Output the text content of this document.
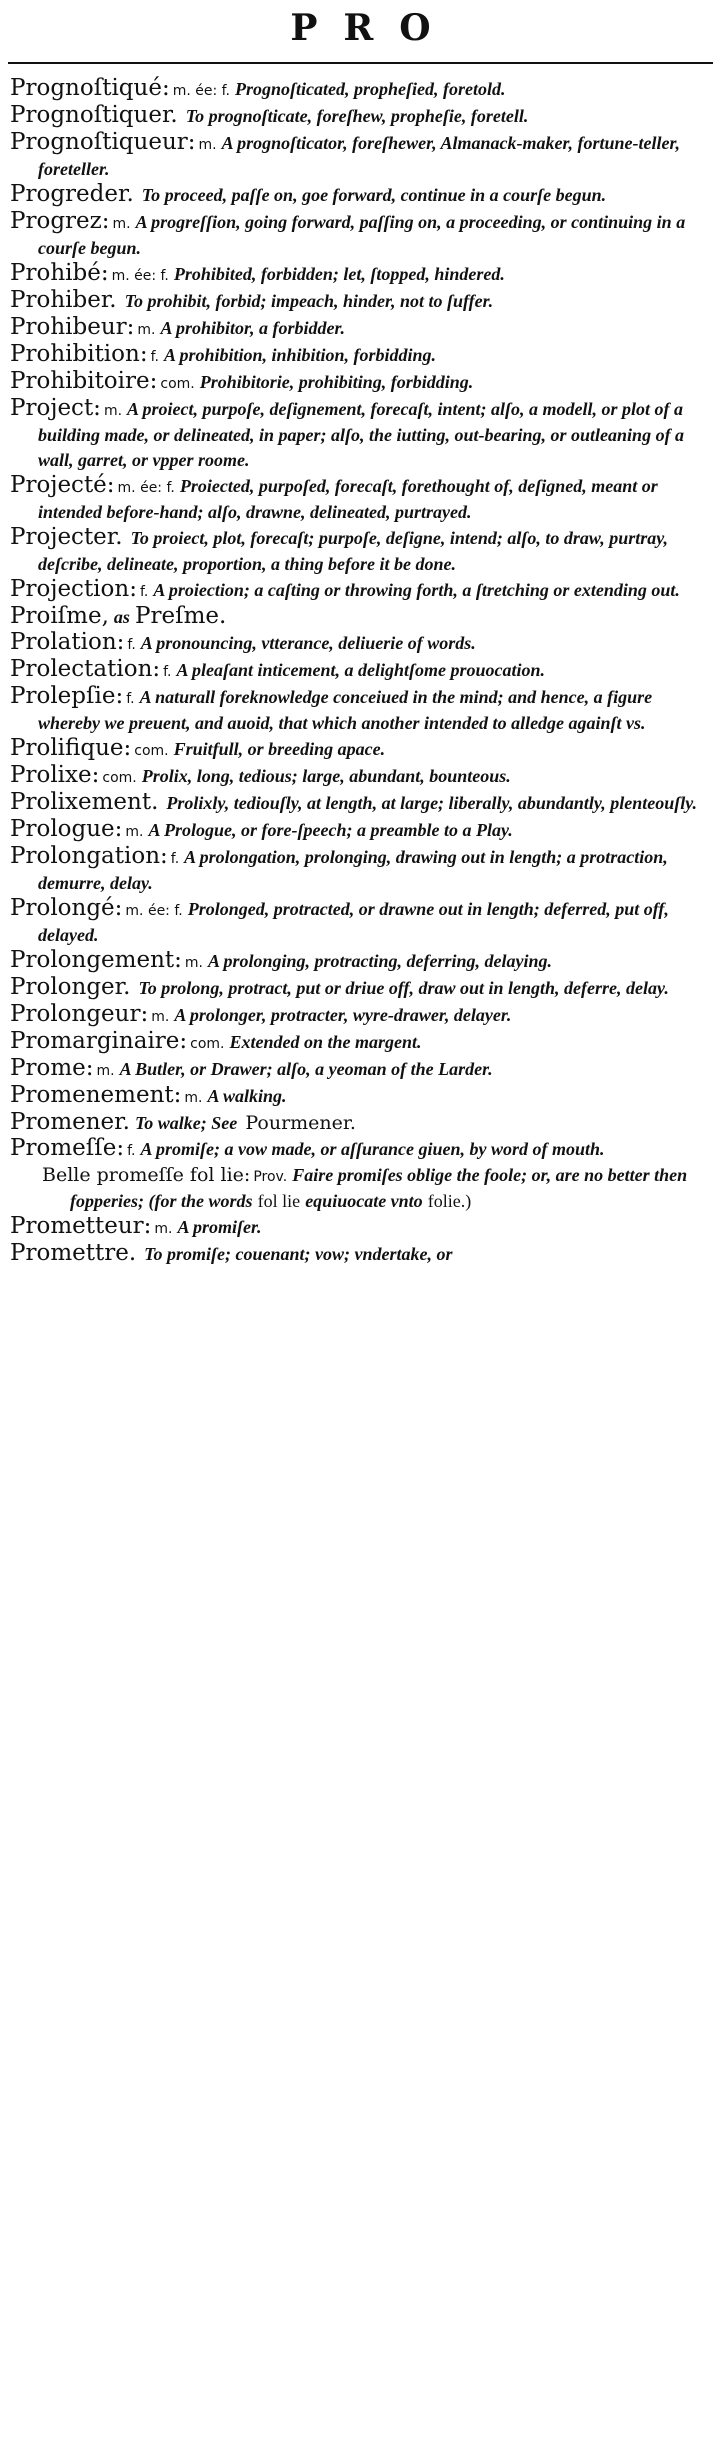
PRO

Prognoſtiqué: m. ée: f. Prognoſticated, propheſied, foretold.

Prognoſtiquer. To prognoſticate, foreſhew, propheſie, foretell.

Prognoſtiqueur: m. A prognoſticator, foreſhewer, Almanack-maker, fortune-teller, foreteller.

Progreder. To proceed, paſſe on, goe forward, continue in a courſe begun.

Progrez: m. A progreſſion, going forward, paſſing on, a proceeding, or continuing in a courſe begun.

Prohibé: m. ée: f. Prohibited, forbidden; let, ſtopped, hindered.

Prohiber. To prohibit, forbid; impeach, hinder, not to ſuffer.

Prohibeur: m. A prohibitor, a forbidder.

Prohibition: f. A prohibition, inhibition, forbidding.

Prohibitoire: com. Prohibitorie, prohibiting, forbidding.

Project: m. A proiect, purpoſe, deſignement, forecaſt, intent; alſo, a modell, or plot of a building made, or delineated, in paper; alſo, the iutting, out-bearing, or outleaning of a wall, garret, or vpper roome.

Projecté: m. ée: f. Proiected, purpoſed, forecaſt, forethought of, deſigned, meant or intended before-hand; alſo, drawne, delineated, purtrayed.

Projecter. To proiect, plot, forecaſt; purpoſe, deſigne, intend; alſo, to draw, purtray, deſcribe, delineate, proportion, a thing before it be done.

Projection: f. A proiection; a caſting or throwing forth, a ſtretching or extending out.

Proiſme, as Preſme.

Prolation: f. A pronouncing, vtterance, deliuerie of words.

Prolectation: f. A pleaſant inticement, a delightſome prouocation.

Prolepſie: f. A naturall foreknowledge conceiued in the mind; and hence, a figure whereby we preuent, and auoid, that which another intended to alledge againſt vs.

Prolifique: com. Fruitfull, or breeding apace.

Prolixe: com. Prolix, long, tedious; large, abundant, bounteous.

Prolixement. Prolixly, tediouſly, at length, at large; liberally, abundantly, plenteouſly.

Prologue: m. A Prologue, or fore-ſpeech; a preamble to a Play.

Prolongation: f. A prolongation, prolonging, drawing out in length; a protraction, demurre, delay.

Prolongé: m. ée: f. Prolonged, protracted, or drawne out in length; deferred, put off, delayed.

Prolongement: m. A prolonging, protracting, deferring, delaying.

Prolonger. To prolong, protract, put or driue off, draw out in length, deferre, delay.

Prolongeur: m. A prolonger, protracter, wyre-drawer, delayer.

Promarginaire: com. Extended on the margent.

Prome: m. A Butler, or Drawer; alſo, a yeoman of the Larder.

Promenement: m. A walking.

Promener. To walke; See Pourmener.

Promeſſe: f. A promiſe; a vow made, or aſſurance giuen, by word of mouth.

Belle promeſſe fol lie: Prov. Faire promiſes oblige the foole; or, are no better then fopperies; (for the words fol lie equiuocate vnto folie.)

Prometteur: m. A promiſer.

Promettre. To promiſe; couenant; vow; vndertake, or
